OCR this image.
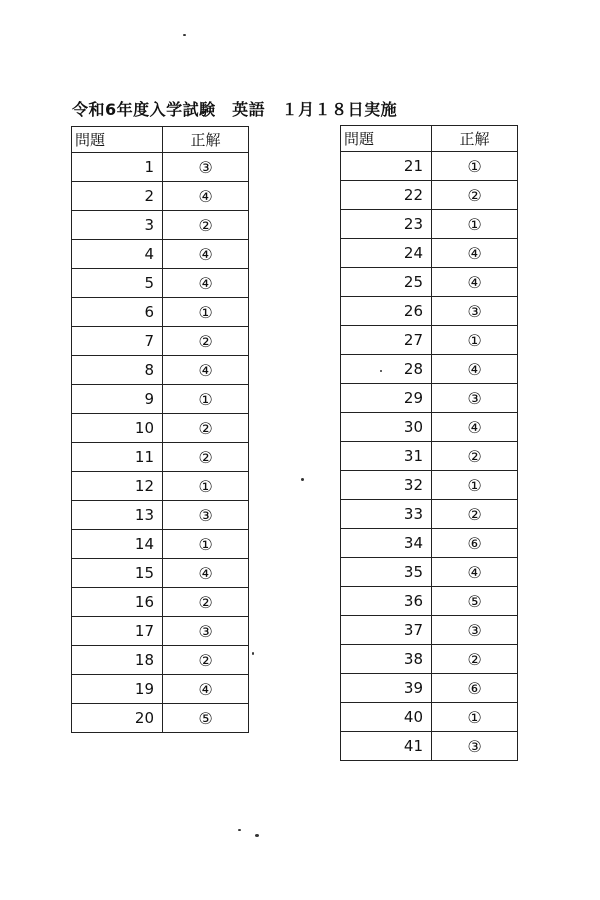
令和6年度入学試験　英語　１月１８日実施
問題	正解
1	③
2	④
3	②
4	④
5	④
6	①
7	②
8	④
9	①
10	②
11	②
12	①
13	③
14	①
15	④
16	②
17	③
18	②
19	④
20	⑤
問題	正解
21	①
22	②
23	①
24	④
25	④
26	③
27	①
28	④
29	③
30	④
31	②
32	①
33	②
34	⑥
35	④
36	⑤
37	③
38	②
39	⑥
40	①
41	③
